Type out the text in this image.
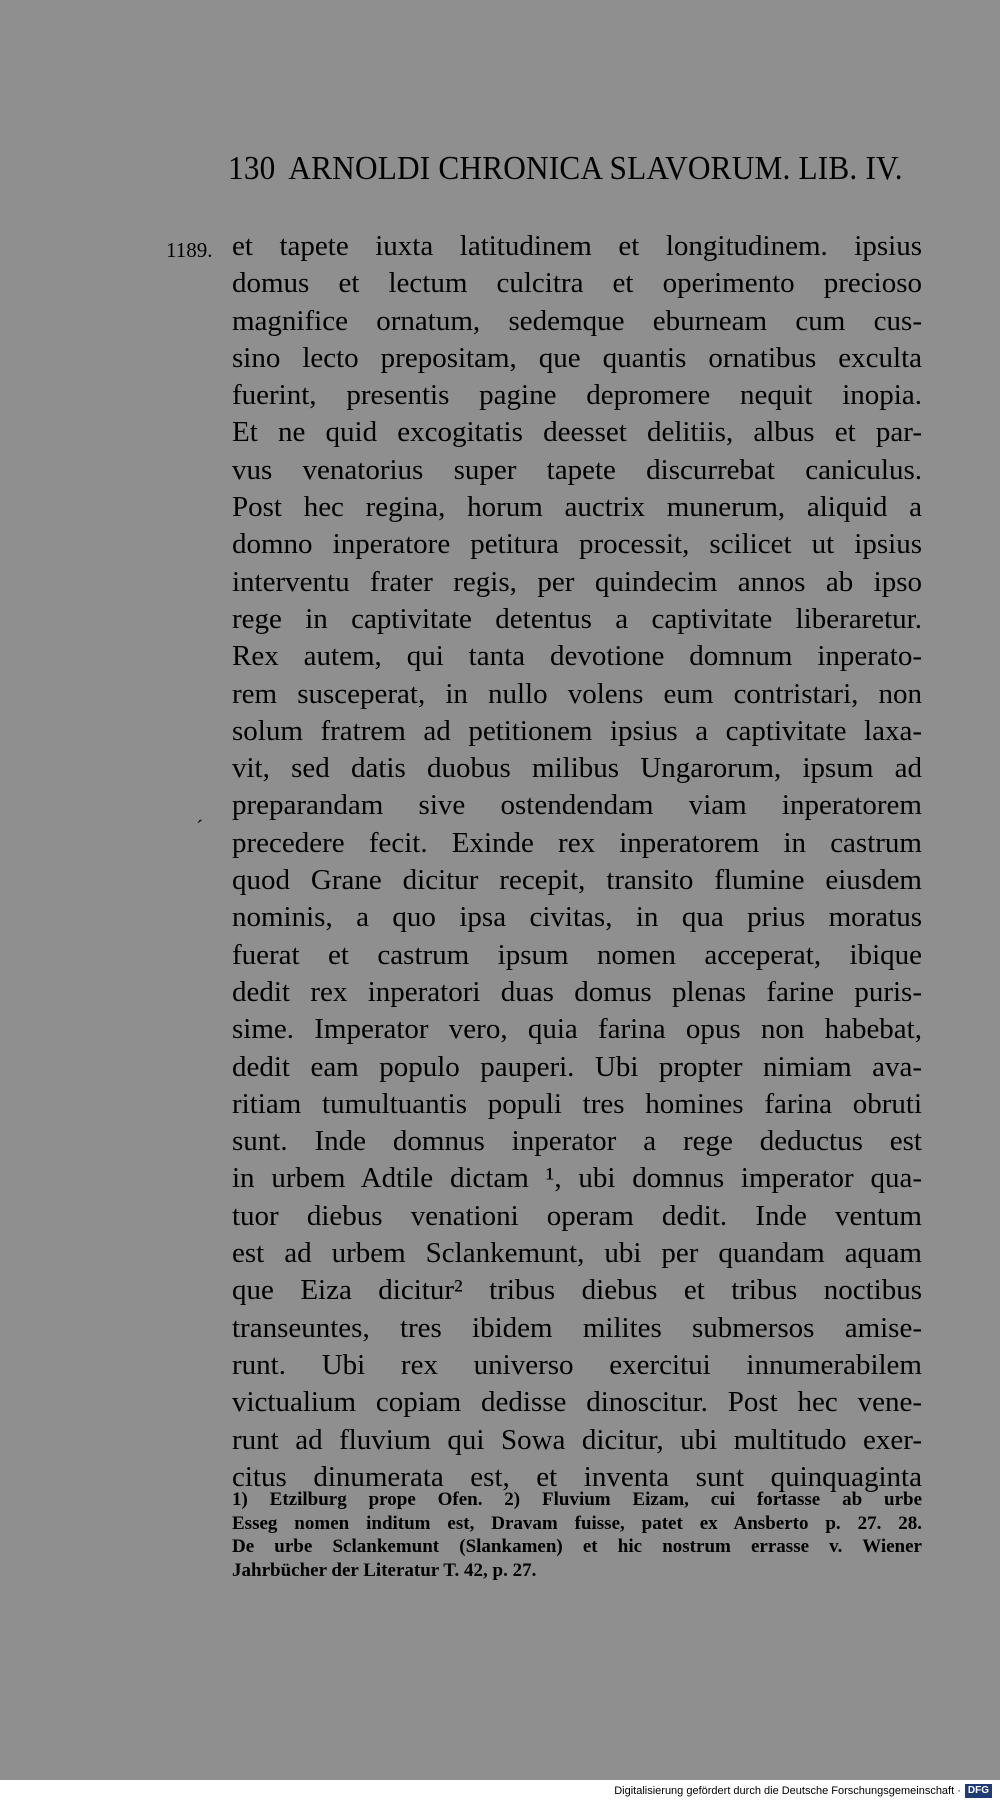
130 ARNOLDI CHRONICA SLAVORUM. LIB. IV.
1189.
´
et tapete iuxta latitudinem et longitudinem. ipsius
domus et lectum culcitra et operimento precioso
magnifice ornatum, sedemque eburneam cum cus-
sino lecto prepositam, que quantis ornatibus exculta
fuerint, presentis pagine depromere nequit inopia.
Et ne quid excogitatis deesset delitiis, albus et par-
vus venatorius super tapete discurrebat caniculus.
Post hec regina, horum auctrix munerum, aliquid a
domno inperatore petitura processit, scilicet ut ipsius
interventu frater regis, per quindecim annos ab ipso
rege in captivitate detentus a captivitate liberaretur.
Rex autem, qui tanta devotione domnum inperato-
rem susceperat, in nullo volens eum contristari, non
solum fratrem ad petitionem ipsius a captivitate laxa-
vit, sed datis duobus milibus Ungarorum, ipsum ad
preparandam sive ostendendam viam inperatorem
precedere fecit. Exinde rex inperatorem in castrum
quod Grane dicitur recepit, transito flumine eiusdem
nominis, a quo ipsa civitas, in qua prius moratus
fuerat et castrum ipsum nomen acceperat, ibique
dedit rex inperatori duas domus plenas farine puris-
sime. Imperator vero, quia farina opus non habebat,
dedit eam populo pauperi. Ubi propter nimiam ava-
ritiam tumultuantis populi tres homines farina obruti
sunt. Inde domnus inperator a rege deductus est
in urbem Adtile dictam ¹, ubi domnus imperator qua-
tuor diebus venationi operam dedit. Inde ventum
est ad urbem Sclankemunt, ubi per quandam aquam
que Eiza dicitur² tribus diebus et tribus noctibus
transeuntes, tres ibidem milites submersos amise-
runt. Ubi rex universo exercitui innumerabilem
victualium copiam dedisse dinoscitur. Post hec vene-
runt ad fluvium qui Sowa dicitur, ubi multitudo exer-
citus dinumerata est, et inventa sunt quinquaginta
1) Etzilburg prope Ofen. 2) Fluvium Eizam, cui fortasse ab urbe
Esseg nomen inditum est, Dravam fuisse, patet ex Ansberto p. 27. 28.
De urbe Sclankemunt (Slankamen) et hic nostrum errasse v. Wiener
Jahrbücher der Literatur T. 42, p. 27.
Digitalisierung gefördert durch die Deutsche Forschungsgemeinschaft · DFG
